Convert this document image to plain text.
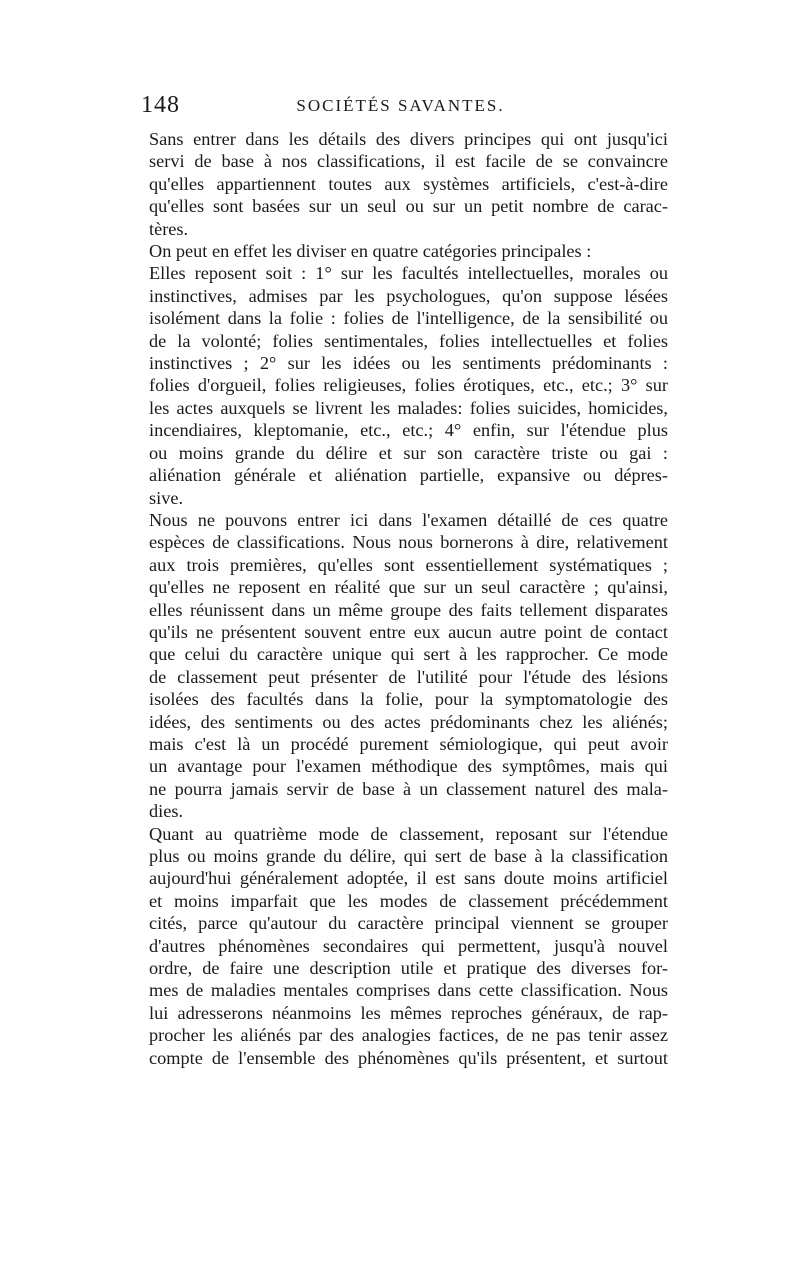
148	SOCIÉTÉS SAVANTES.

Sans entrer dans les détails des divers principes qui ont jusqu'ici
servi de base à nos classifications, il est facile de se convaincre
qu'elles appartiennent toutes aux systèmes artificiels, c'est-à-dire
qu'elles sont basées sur un seul ou sur un petit nombre de carac-
tères.

On peut en effet les diviser en quatre catégories principales :

Elles reposent soit : 1° sur les facultés intellectuelles, morales ou
instinctives, admises par les psychologues, qu'on suppose lésées
isolément dans la folie : folies de l'intelligence, de la sensibilité ou
de la volonté; folies sentimentales, folies intellectuelles et folies
instinctives ; 2° sur les idées ou les sentiments prédominants :
folies d'orgueil, folies religieuses, folies érotiques, etc., etc.; 3° sur
les actes auxquels se livrent les malades: folies suicides, homicides,
incendiaires, kleptomanie, etc., etc.; 4° enfin, sur l'étendue plus
ou moins grande du délire et sur son caractère triste ou gai :
aliénation générale et aliénation partielle, expansive ou dépres-
sive.

Nous ne pouvons entrer ici dans l'examen détaillé de ces quatre
espèces de classifications. Nous nous bornerons à dire, relativement
aux trois premières, qu'elles sont essentiellement systématiques ;
qu'elles ne reposent en réalité que sur un seul caractère ; qu'ainsi,
elles réunissent dans un même groupe des faits tellement disparates
qu'ils ne présentent souvent entre eux aucun autre point de contact
que celui du caractère unique qui sert à les rapprocher. Ce mode
de classement peut présenter de l'utilité pour l'étude des lésions
isolées des facultés dans la folie, pour la symptomatologie des
idées, des sentiments ou des actes prédominants chez les aliénés;
mais c'est là un procédé purement sémiologique, qui peut avoir
un avantage pour l'examen méthodique des symptômes, mais qui
ne pourra jamais servir de base à un classement naturel des mala-
dies.

Quant au quatrième mode de classement, reposant sur l'étendue
plus ou moins grande du délire, qui sert de base à la classification
aujourd'hui généralement adoptée, il est sans doute moins artificiel
et moins imparfait que les modes de classement précédemment
cités, parce qu'autour du caractère principal viennent se grouper
d'autres phénomènes secondaires qui permettent, jusqu'à nouvel
ordre, de faire une description utile et pratique des diverses for-
mes de maladies mentales comprises dans cette classification. Nous
lui adresserons néanmoins les mêmes reproches généraux, de rap-
procher les aliénés par des analogies factices, de ne pas tenir assez
compte de l'ensemble des phénomènes qu'ils présentent, et surtout
